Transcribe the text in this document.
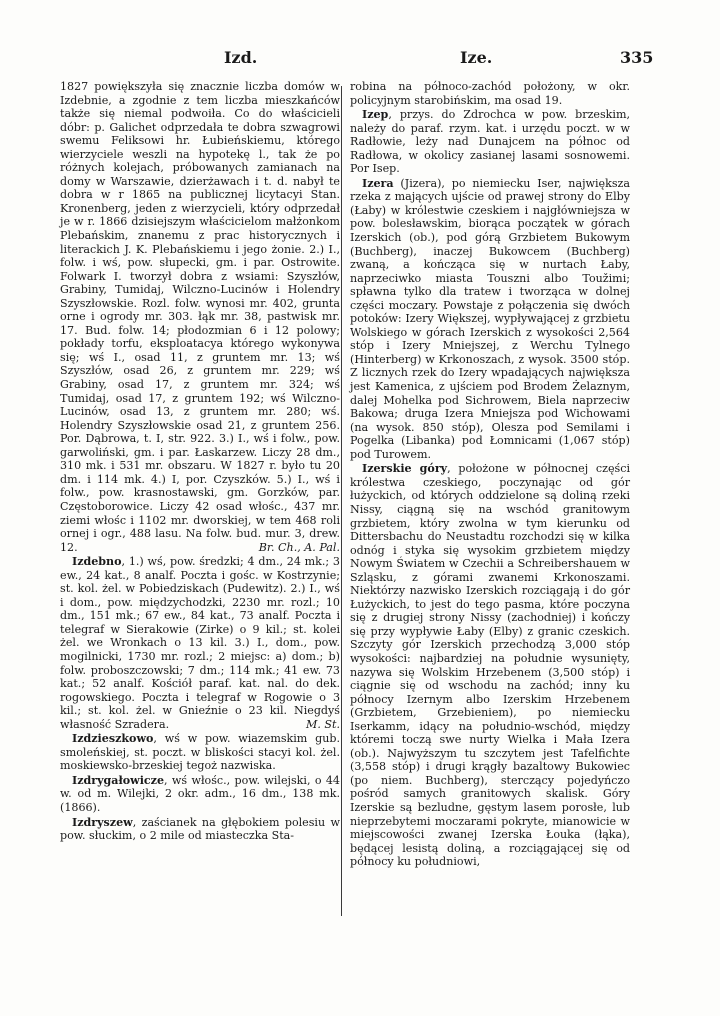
Izd.	Ize.	335

1827 powiększyła się znacznie liczba domów w Izdebnie, a zgodnie z tem liczba mieszkańców także się niemal podwoiła. Co do właścicieli dóbr: p. Galichet odprzedała te dobra szwagrowi swemu Feliksowi hr. Łubieńskiemu, którego wierzyciele weszli na hypotekę l., tak że po różnych kolejach, próbowanych zamianach na domy w Warszawie, dzierżawach i t. d. nabył te dobra w r 1865 na publicznej licytacyi Stan. Kronenberg, jeden z wierzycieli, który odprzedał je w r. 1866 dzisiejszym właścicielom małżonkom Plebańskim, znanemu z prac historycznych i literackich J. K. Plebańskiemu i jego żonie. 2.) I., folw. i wś, pow. słupecki, gm. i par. Ostrowite. Folwark I. tworzył dobra z wsiami: Szyszłów, Grabiny, Tumidaj, Wilczno-Lucinów i Holendry Szyszłowskie. Rozl. folw. wynosi mr. 402, grunta orne i ogrody mr. 303. łąk mr. 38, pastwisk mr. 17. Bud. folw. 14; płodozmian 6 i 12 polowy; pokłady torfu, eksploatacya którego wykonywa się; wś I., osad 11, z gruntem mr. 13; wś Szyszłów, osad 26, z gruntem mr. 229; wś Grabiny, osad 17, z gruntem mr. 324; wś Tumidaj, osad 17, z gruntem 192; wś Wilczno-Lucinów, osad 13, z gruntem mr. 280; wś. Holendry Szyszłowskie osad 21, z gruntem 256. Por. Dąbrowa, t. I, str. 922. 3.) I., wś i folw., pow. garwoliński, gm. i par. Łaskarzew. Liczy 28 dm., 310 mk. i 531 mr. obszaru. W 1827 r. było tu 20 dm. i 114 mk. 4.) I, por. Czyszków. 5.) I., wś i folw., pow. krasnostawski, gm. Gorzków, par. Częstoborowice. Liczy 42 osad włośc., 437 mr. ziemi włośc i 1102 mr. dworskiej, w tem 468 roli ornej i ogr., 488 lasu. Na folw. bud. mur. 3, drew. 12.	Br. Ch., A. Pal.

Izdebno, 1.) wś, pow. średzki; 4 dm., 24 mk.; 3 ew., 24 kat., 8 analf. Poczta i gośc. w Kostrzynie; st. kol. żel. w Pobiedziskach (Pudewitz). 2.) I., wś i dom., pow. międzychodzki, 2230 mr. rozl.; 10 dm., 151 mk.; 67 ew., 84 kat., 73 analf. Poczta i telegraf w Sierakowie (Zirke) o 9 kil.; st. kolei żel. we Wronkach o 13 kil. 3.) I., dom., pow. mogilnicki, 1730 mr. rozl.; 2 miejsc: a) dom.; b) folw. proboszczowski; 7 dm.; 114 mk.; 41 ew. 73 kat.; 52 analf. Kościół paraf. kat. nal. do dek. rogowskiego. Poczta i telegraf w Rogowie o 3 kil.; st. kol. żel. w Gnieźnie o 23 kil. Niegdyś własność Szradera.	M. St.

Izdzieszkowo, wś w pow. wiazemskim gub. smoleńskiej, st. poczt. w bliskości stacyi kol. żel. moskiewsko-brzeskiej tegoż nazwiska.

Izdrygałowicze, wś włośc., pow. wilejski, o 44 w. od m. Wilejki, 2 okr. adm., 16 dm., 138 mk. (1866).

Izdryszew, zaścianek na głębokiem polesiu w pow. słuckim, o 2 mile od miasteczka Sta-

robina na północo-zachód położony, w okr. policyjnym starobińskim, ma osad 19.

Izep, przys. do Zdrochca w pow. brzeskim, należy do paraf. rzym. kat. i urzędu poczt. w w Radłowie, leży nad Dunajcem na północ od Radłowa, w okolicy zasianej lasami sosnowemi. Por Isep.

Izera (Jizera), po niemiecku Iser, największa rzeka z mających ujście od prawej strony do Elby (Łaby) w królestwie czeskiem i najgłówniejsza w pow. bolesławskim, biorąca początek w górach Izerskich (ob.), pod górą Grzbietem Bukowym (Buchberg), inaczej Bukowcem (Buchberg) zwaną, a kończąca się w nurtach Łaby, naprzeciwko miasta Touszni albo Toužimi; spławna tylko dla tratew i tworząca w dolnej części moczary. Powstaje z połączenia się dwóch potoków: Izery Większej, wypływającej z grzbietu Wolskiego w górach Izerskich z wysokości 2,564 stóp i Izery Mniejszej, z Werchu Tylnego (Hinterberg) w Krkonoszach, z wysok. 3500 stóp. Z licznych rzek do Izery wpadających największa jest Kamenica, z ujściem pod Brodem Żelaznym, dalej Mohelka pod Sichrowem, Biela naprzeciw Bakowa; druga Izera Mniejsza pod Wichowami (na wysok. 850 stóp), Olesza pod Semilami i Pogelka (Libanka) pod Łomnicami (1,067 stóp) pod Turowem.

Izerskie góry, położone w północnej części królestwa czeskiego, poczynając od gór łużyckich, od których oddzielone są doliną rzeki Nissy, ciągną się na wschód granitowym grzbietem, który zwolna w tym kierunku od Dittersbachu do Neustadtu rozchodzi się w kilka odnóg i styka się wysokim grzbietem między Nowym Światem w Czechii a Schreibershauem w Szląsku, z górami zwanemi Krkonoszami. Niektórzy nazwisko Izerskich rozciągają i do gór Łużyckich, to jest do tego pasma, które poczyna się z drugiej strony Nissy (zachodniej) i kończy się przy wypływie Łaby (Elby) z granic czeskich. Szczyty gór Izerskich przechodzą 3,000 stóp wysokości: najbardziej na południe wysunięty, nazywa się Wolskim Hrzebenem (3,500 stóp) i ciągnie się od wschodu na zachód; inny ku północy Izernym albo Izerskim Hrzebenem (Grzbietem, Grzebieniem), po niemiecku Iserkamm, idący na południo-wschód, między któremi toczą swe nurty Wielka i Mała Izera (ob.). Najwyższym tu szczytem jest Tafelfichte (3,558 stóp) i drugi krągły bazaltowy Bukowiec (po niem. Buchberg), sterczący pojedyńczo pośród samych granitowych skalisk. Góry Izerskie są bezludne, gęstym lasem porosłe, lub nieprzebytemi moczarami pokryte, mianowicie w miejscowości zwanej Izerska Łouka (łąka), będącej lesistą doliną, a rozciągającej się od północy ku południowi,
